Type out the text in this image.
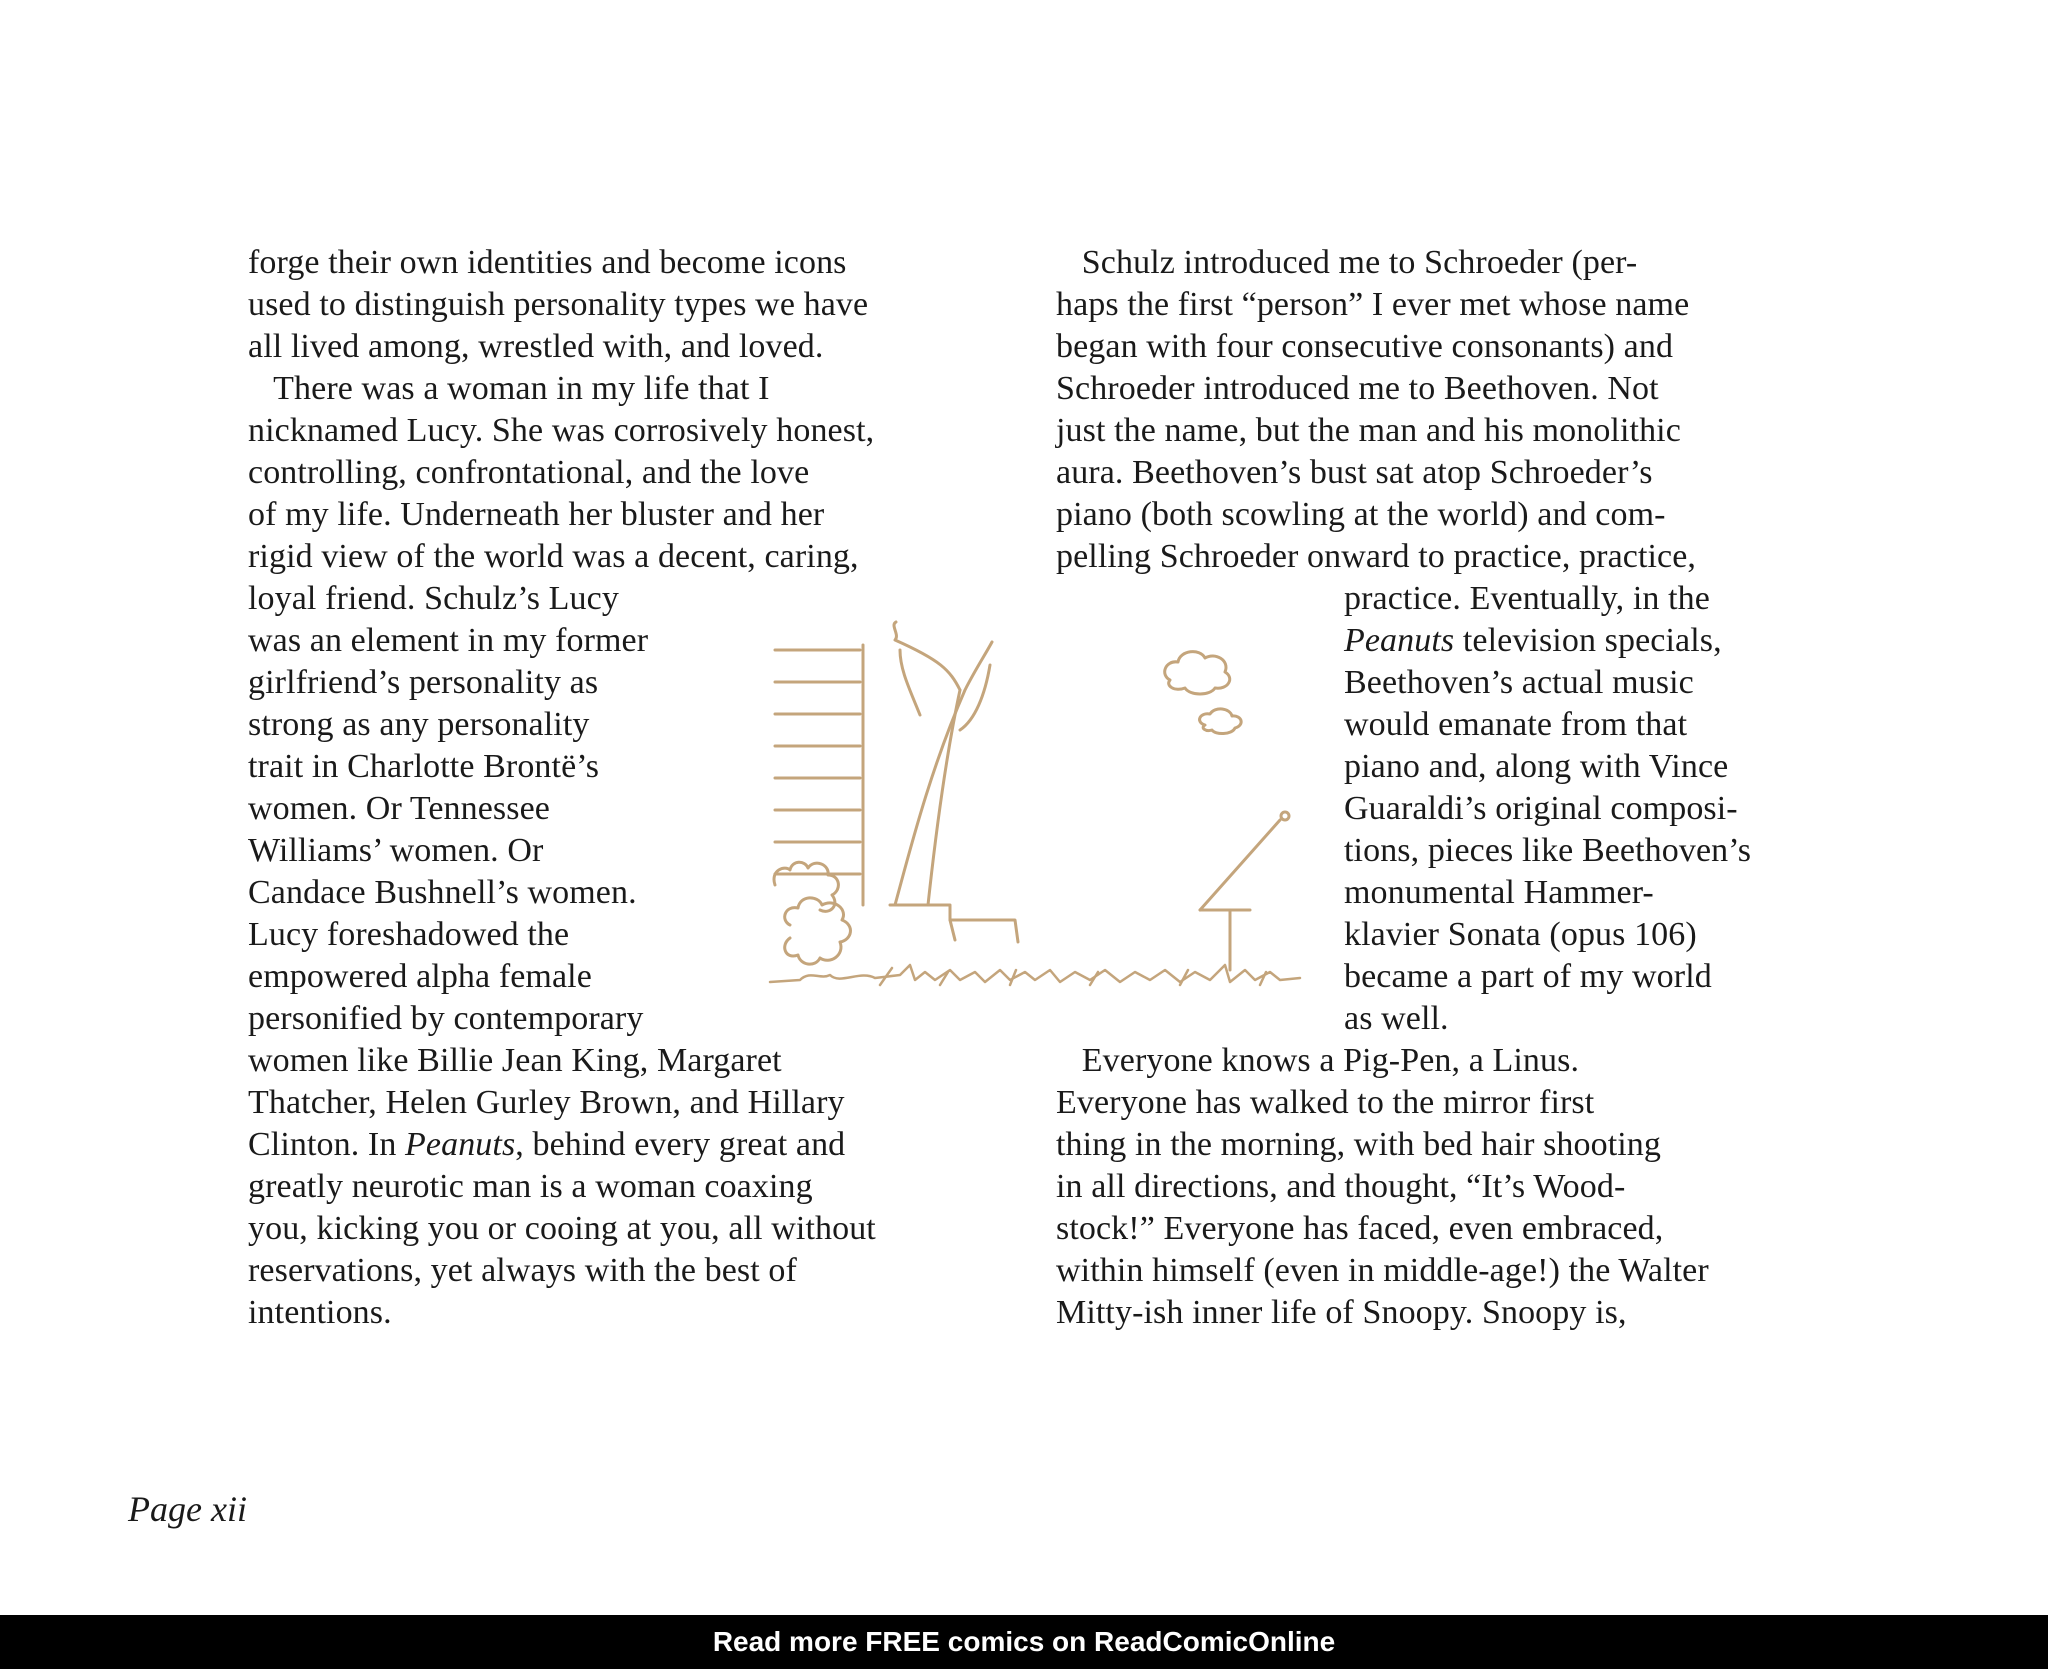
forge their own identities and become icons
used to distinguish personality types we have
all lived among, wrestled with, and loved.
There was a woman in my life that I
nicknamed Lucy. She was corrosively honest,
controlling, confrontational, and the love
of my life. Underneath her bluster and her
rigid view of the world was a decent, caring,
loyal friend. Schulz’s Lucy
was an element in my former
girlfriend’s personality as
strong as any personality
trait in Charlotte Brontë’s
women. Or Tennessee
Williams’ women. Or
Candace Bushnell’s women.
Lucy foreshadowed the
empowered alpha female
personified by contemporary
women like Billie Jean King, Margaret
Thatcher, Helen Gurley Brown, and Hillary
Clinton. In Peanuts, behind every great and
greatly neurotic man is a woman coaxing
you, kicking you or cooing at you, all without
reservations, yet always with the best of
intentions.
Schulz introduced me to Schroeder (per-
haps the first “person” I ever met whose name
began with four consecutive consonants) and
Schroeder introduced me to Beethoven. Not
just the name, but the man and his monolithic
aura. Beethoven’s bust sat atop Schroeder’s
piano (both scowling at the world) and com-
pelling Schroeder onward to practice, practice,
practice. Eventually, in the
Peanuts television specials,
Beethoven’s actual music
would emanate from that
piano and, along with Vince
Guaraldi’s original composi-
tions, pieces like Beethoven’s
monumental Hammer-
klavier Sonata (opus 106)
became a part of my world
as well.
Everyone knows a Pig-Pen, a Linus.
Everyone has walked to the mirror first
thing in the morning, with bed hair shooting
in all directions, and thought, “It’s Wood-
stock!” Everyone has faced, even embraced,
within himself (even in middle-age!) the Walter
Mitty-ish inner life of Snoopy. Snoopy is,
Page xii
Read more FREE comics on ReadComicOnline
